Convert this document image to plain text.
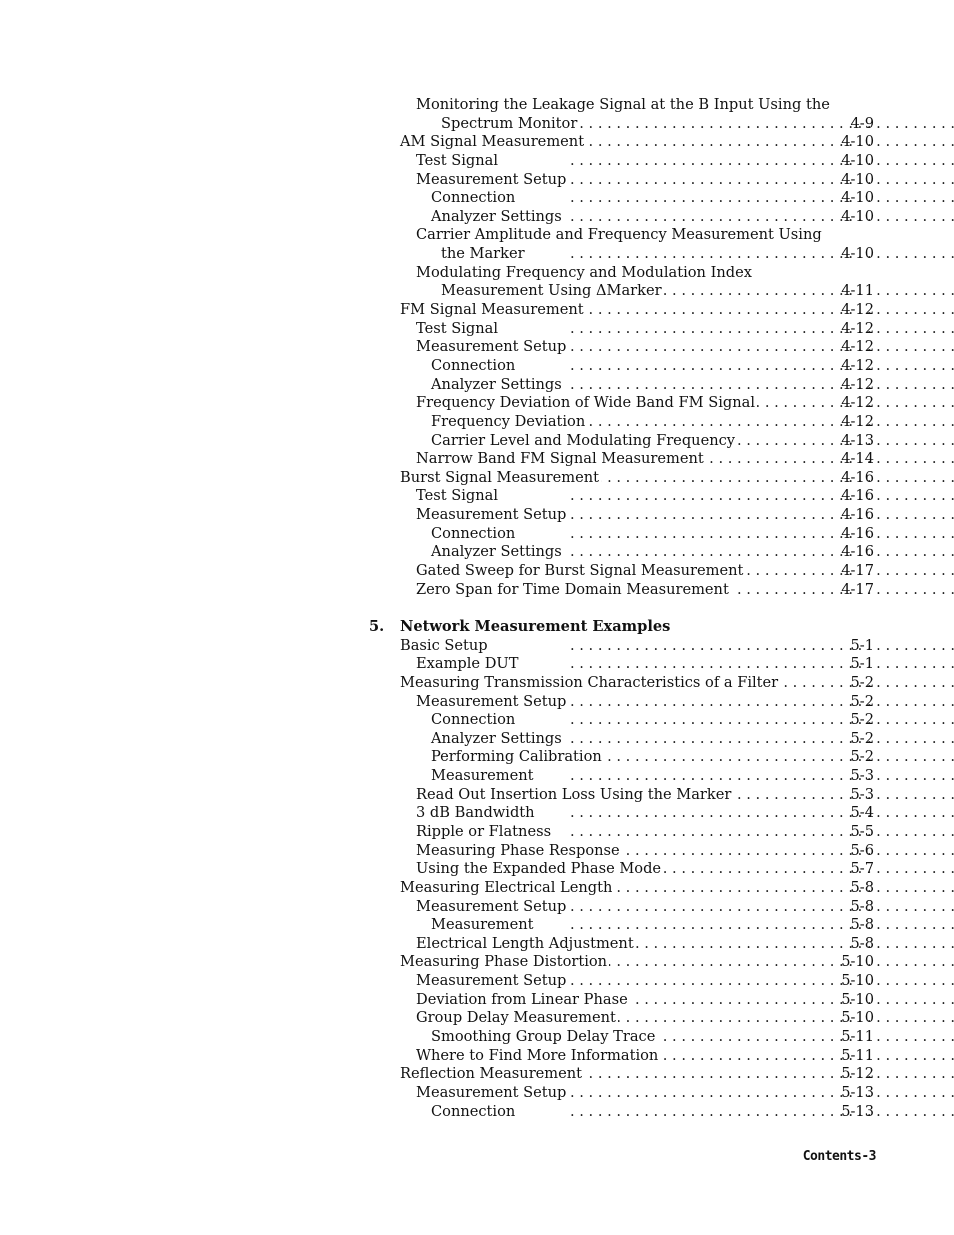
Monitoring the Leakage Signal at the B Input Using the
. . .
Spectrum Monitor	4-9
. . .
AM Signal Measurement	4-10
. . .
Test Signal	4-10
. . .
Measurement Setup	4-10
. . .
Connection	4-10
. . .
Analyzer Settings	4-10
Carrier Amplitude and Frequency Measurement Using
. . .
the Marker	4-10
Modulating Frequency and Modulation Index
. . .
Measurement Using ΔMarker	4-11
. . .
FM Signal Measurement	4-12
. . .
Test Signal	4-12
. . .
Measurement Setup	4-12
. . .
Connection	4-12
. . .
Analyzer Settings	4-12
. . .
Frequency Deviation of Wide Band FM Signal	4-12
. . .
Frequency Deviation	4-12
. . .
Carrier Level and Modulating Frequency	4-13
. . .
Narrow Band FM Signal Measurement	4-14
. . .
Burst Signal Measurement	4-16
. . .
Test Signal	4-16
. . .
Measurement Setup	4-16
. . .
Connection	4-16
. . .
Analyzer Settings	4-16
. . .
Gated Sweep for Burst Signal Measurement	4-17
. . .
Zero Span for Time Domain Measurement	4-17
5. Network Measurement Examples
. . .
Basic Setup	5-1
. . .
Example DUT	5-1
. . .
Measuring Transmission Characteristics of a Filter	5-2
. . .
Measurement Setup	5-2
. . .
Connection	5-2
. . .
Analyzer Settings	5-2
. . .
Performing Calibration	5-2
. . .
Measurement	5-3
. . .
Read Out Insertion Loss Using the Marker	5-3
. . .
3 dB Bandwidth	5-4
. . .
Ripple or Flatness	5-5
. . .
Measuring Phase Response	5-6
. . .
Using the Expanded Phase Mode	5-7
. . .
Measuring Electrical Length	5-8
. . .
Measurement Setup	5-8
. . .
Measurement	5-8
. . .
Electrical Length Adjustment	5-8
. . .
Measuring Phase Distortion	5-10
. . .
Measurement Setup	5-10
. . .
Deviation from Linear Phase	5-10
. . .
Group Delay Measurement	5-10
. . .
Smoothing Group Delay Trace	5-11
. . .
Where to Find More Information	5-11
. . .
Reflection Measurement	5-12
. . .
Measurement Setup	5-13
. . .
Connection	5-13
Contents-3
